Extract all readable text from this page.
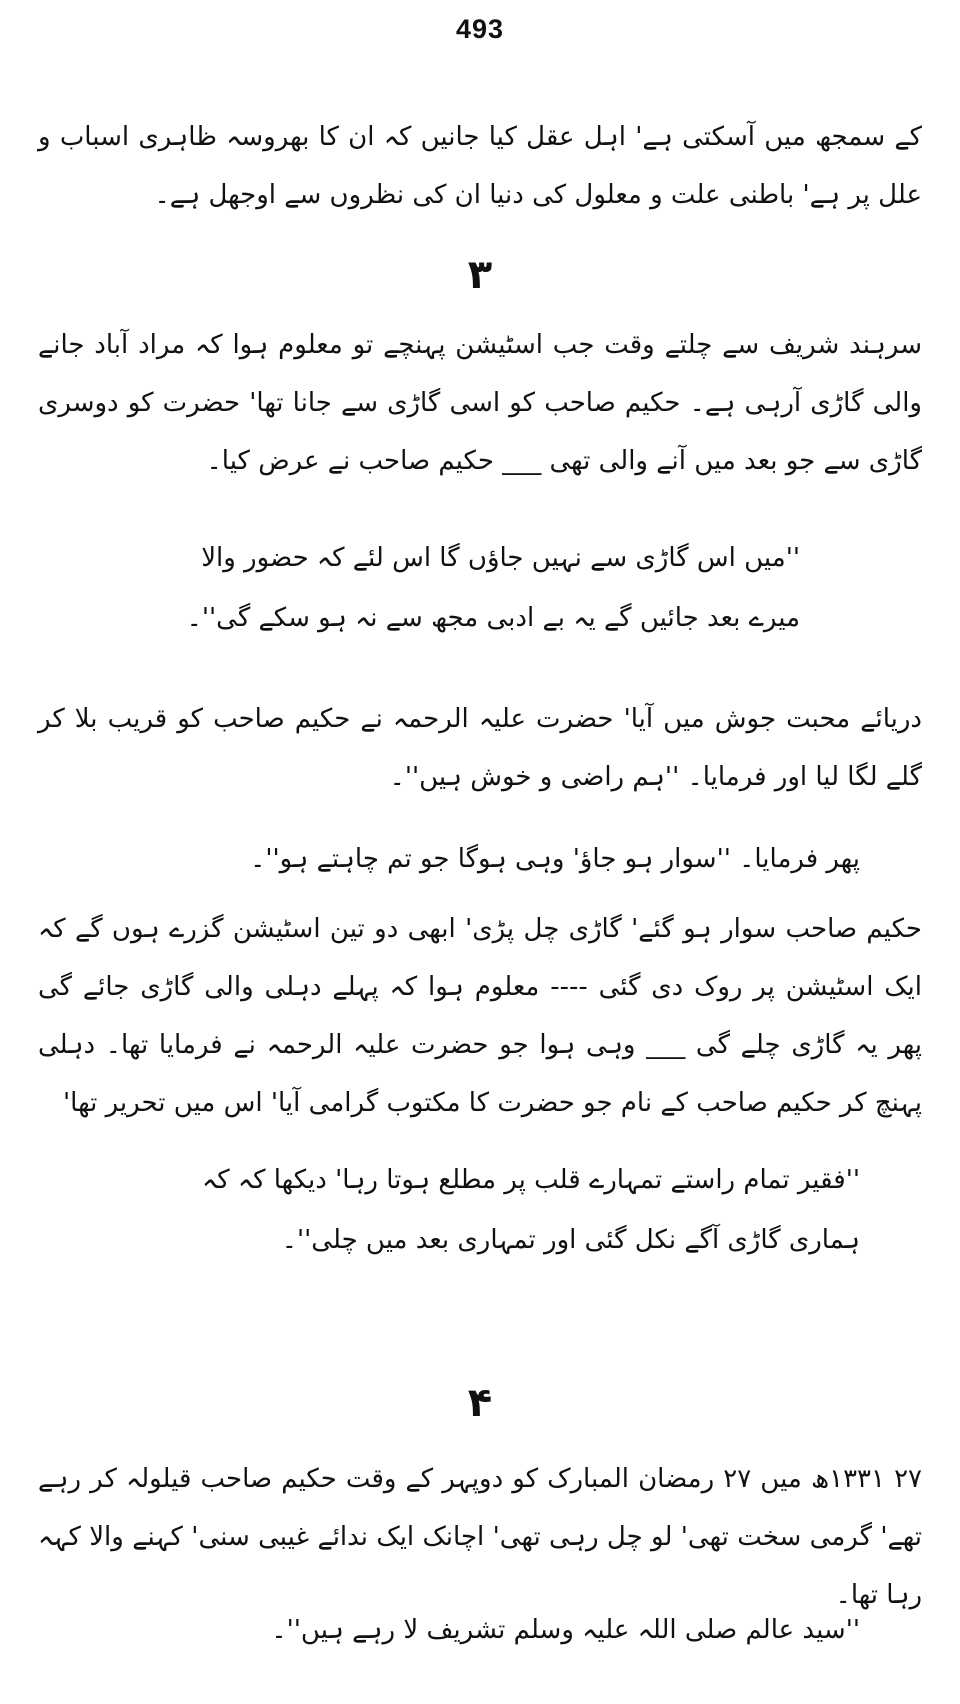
493

کے سمجھ میں آسکتی ہے' اہل عقل کیا جانیں کہ ان کا بھروسہ ظاہری اسباب و علل پر ہے' باطنی علت و معلول کی دنیا ان کی نظروں سے اوجھل ہے۔

۳

سرہند شریف سے چلتے وقت جب اسٹیشن پہنچے تو معلوم ہوا کہ مراد آباد جانے والی گاڑی آرہی ہے۔ حکیم صاحب کو اسی گاڑی سے جانا تھا' حضرت کو دوسری گاڑی سے جو بعد میں آنے والی تھی ___ حکیم صاحب نے عرض کیا۔

''میں اس گاڑی سے نہیں جاؤں گا اس لئے کہ حضور والا میرے بعد جائیں گے یہ بے ادبی مجھ سے نہ ہو سکے گی''۔

دریائے محبت جوش میں آیا' حضرت علیہ الرحمہ نے حکیم صاحب کو قریب بلا کر گلے لگا لیا اور فرمایا۔ ''ہم راضی و خوش ہیں''۔

پھر فرمایا۔ ''سوار ہو جاؤ' وہی ہوگا جو تم چاہتے ہو''۔

حکیم صاحب سوار ہو گئے' گاڑی چل پڑی' ابھی دو تین اسٹیشن گزرے ہوں گے کہ ایک اسٹیشن پر روک دی گئی ---- معلوم ہوا کہ پہلے دہلی والی گاڑی جائے گی پھر یہ گاڑی چلے گی ___ وہی ہوا جو حضرت علیہ الرحمہ نے فرمایا تھا۔ دہلی پہنچ کر حکیم صاحب کے نام جو حضرت کا مکتوب گرامی آیا' اس میں تحریر تھا'

''فقیر تمام راستے تمہارے قلب پر مطلع ہوتا رہا' دیکھا کہ کہ ہماری گاڑی آگے نکل گئی اور تمہاری بعد میں چلی''۔

۴

۲۷ ۱۳۳۱ھ میں ۲۷ رمضان المبارک کو دوپہر کے وقت حکیم صاحب قیلولہ کر رہے تھے' گرمی سخت تھی' لو چل رہی تھی' اچانک ایک ندائے غیبی سنی' کہنے والا کہہ رہا تھا۔

''سید عالم صلی اللہ علیہ وسلم تشریف لا رہے ہیں''۔
